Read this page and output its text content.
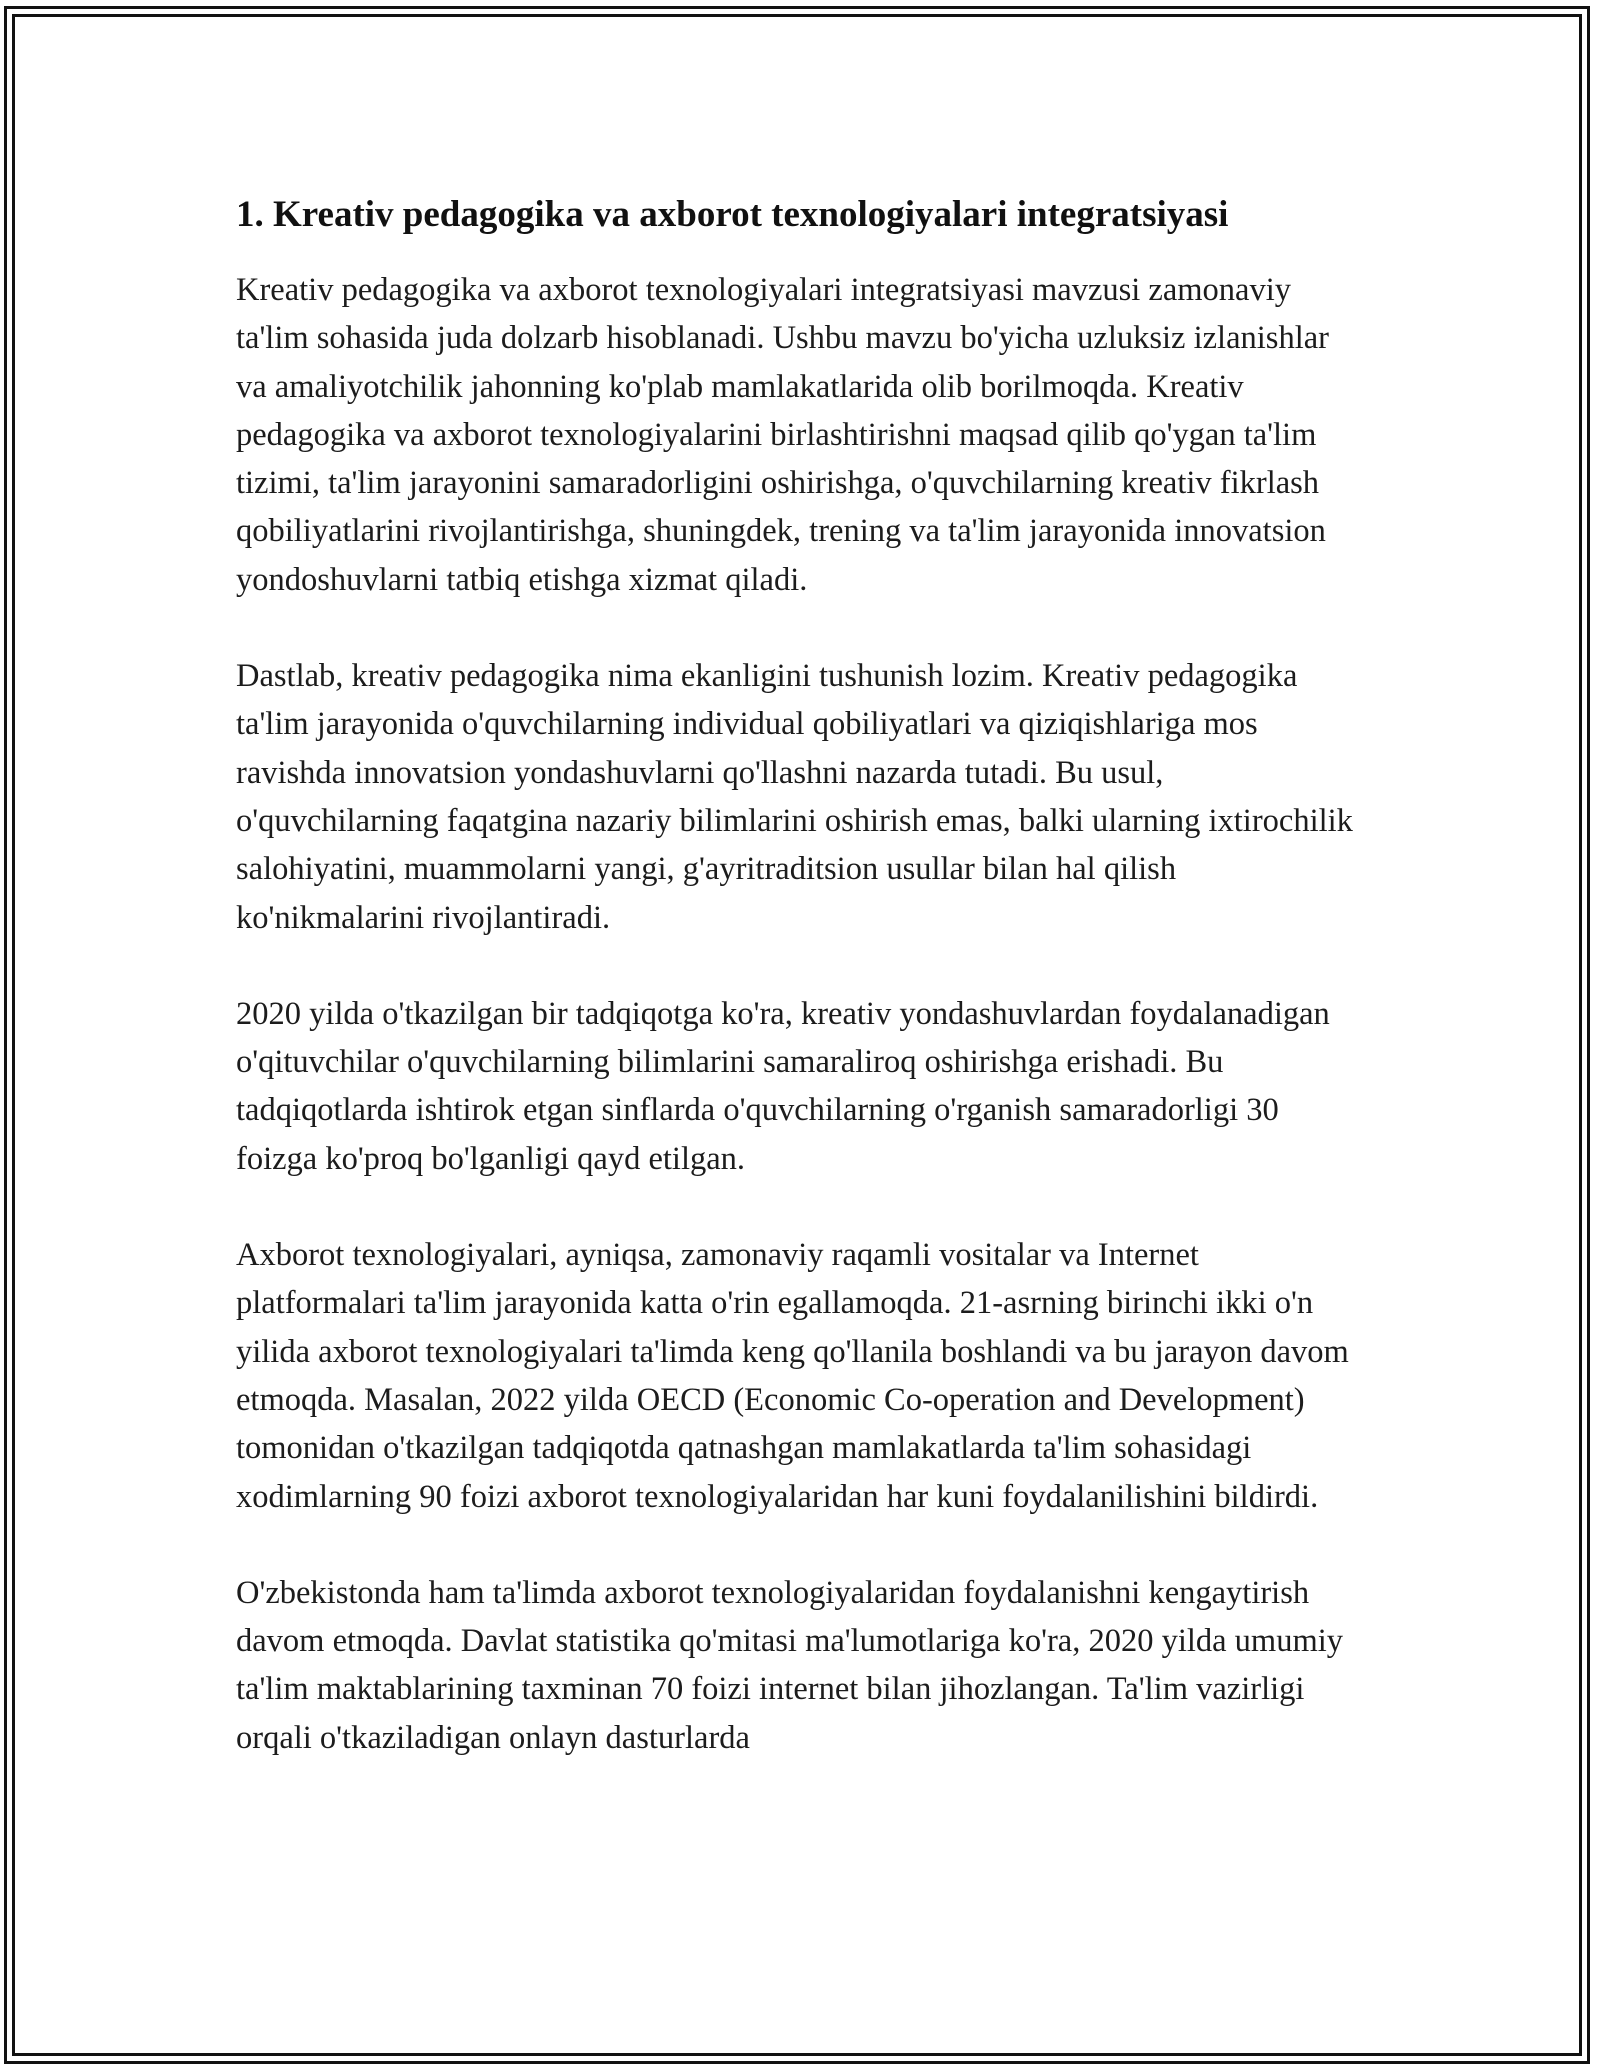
1. Kreativ pedagogika va axborot texnologiyalari integratsiyasi

Kreativ pedagogika va axborot texnologiyalari integratsiyasi mavzusi zamonaviy ta'lim sohasida juda dolzarb hisoblanadi. Ushbu mavzu bo'yicha uzluksiz izlanishlar va amaliyotchilik jahonning ko'plab mamlakatlarida olib borilmoqda. Kreativ pedagogika va axborot texnologiyalarini birlashtirishni maqsad qilib qo'ygan ta'lim tizimi, ta'lim jarayonini samaradorligini oshirishga, o'quvchilarning kreativ fikrlash qobiliyatlarini rivojlantirishga, shuningdek, trening va ta'lim jarayonida innovatsion yondoshuvlarni tatbiq etishga xizmat qiladi.

Dastlab, kreativ pedagogika nima ekanligini tushunish lozim. Kreativ pedagogika ta'lim jarayonida o'quvchilarning individual qobiliyatlari va qiziqishlariga mos ravishda innovatsion yondashuvlarni qo'llashni nazarda tutadi. Bu usul, o'quvchilarning faqatgina nazariy bilimlarini oshirish emas, balki ularning ixtirochilik salohiyatini, muammolarni yangi, g'ayritraditsion usullar bilan hal qilish ko'nikmalarini rivojlantiradi.

2020 yilda o'tkazilgan bir tadqiqotga ko'ra, kreativ yondashuvlardan foydalanadigan o'qituvchilar o'quvchilarning bilimlarini samaraliroq oshirishga erishadi. Bu tadqiqotlarda ishtirok etgan sinflarda o'quvchilarning o'rganish samaradorligi 30 foizga ko'proq bo'lganligi qayd etilgan.

Axborot texnologiyalari, ayniqsa, zamonaviy raqamli vositalar va Internet platformalari ta'lim jarayonida katta o'rin egallamoqda. 21-asrning birinchi ikki o'n yilida axborot texnologiyalari ta'limda keng qo'llanila boshlandi va bu jarayon davom etmoqda. Masalan, 2022 yilda OECD (Economic Co-operation and Development) tomonidan o'tkazilgan tadqiqotda qatnashgan mamlakatlarda ta'lim sohasidagi xodimlarning 90 foizi axborot texnologiyalaridan har kuni foydalanilishini bildirdi.

O'zbekistonda ham ta'limda axborot texnologiyalaridan foydalanishni kengaytirish davom etmoqda. Davlat statistika qo'mitasi ma'lumotlariga ko'ra, 2020 yilda umumiy ta'lim maktablarining taxminan 70 foizi internet bilan jihozlangan. Ta'lim vazirligi orqali o'tkaziladigan onlayn dasturlarda
